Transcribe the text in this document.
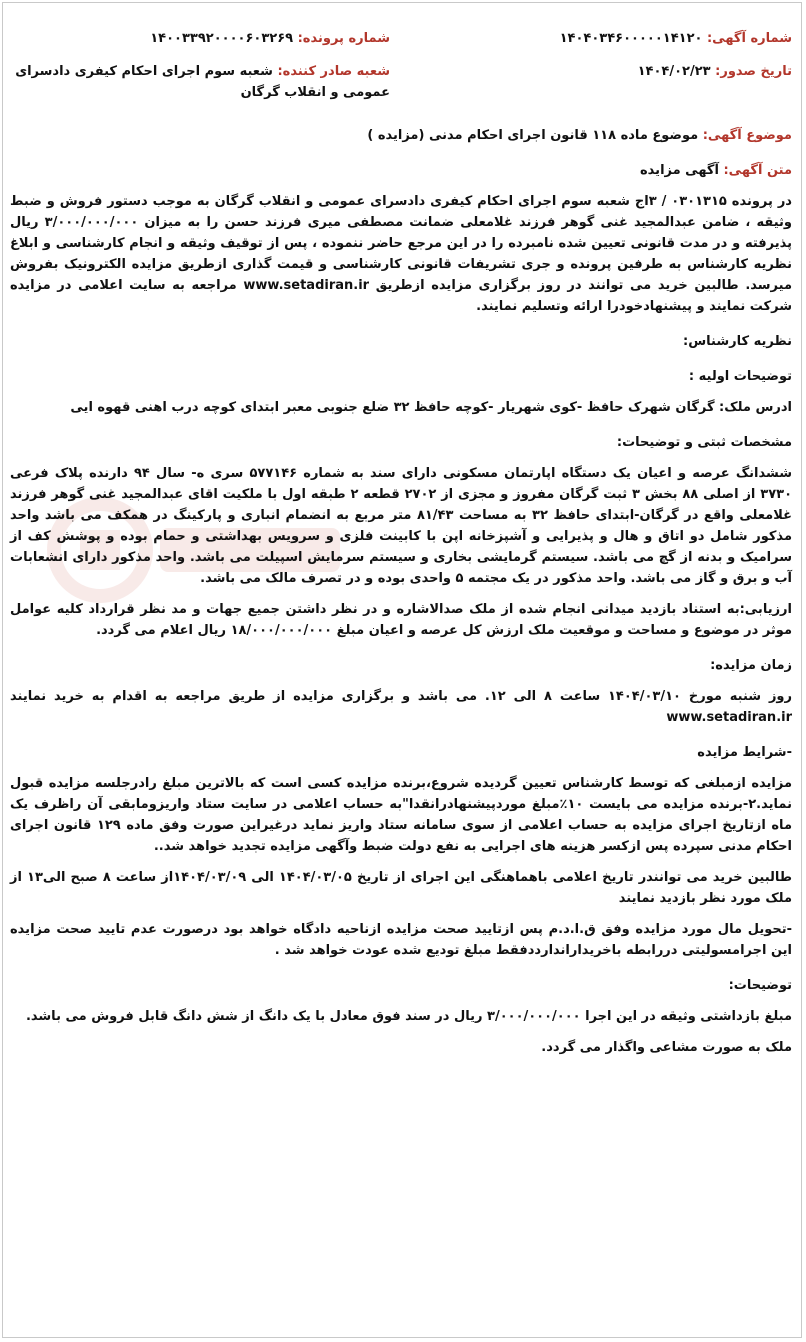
شماره آگهی: ۱۴۰۴۰۳۴۶۰۰۰۰۰۱۴۱۲۰
شماره پرونده: ۱۴۰۰۳۳۹۲۰۰۰۰۶۰۳۲۶۹
تاریخ صدور: ۱۴۰۴/۰۲/۲۳
شعبه صادر کننده: شعبه سوم اجرای احکام کیفری دادسرای عمومی و انقلاب گرگان
موضوع آگهی: موضوع ماده ۱۱۸ قانون اجرای احکام مدنی (مزایده )
متن آگهی: آگهی مزایده

در پرونده ۰۳۰۱۳۱۵ / ۳اج شعبه سوم اجرای احکام کیفری دادسرای عمومی و انقلاب گرگان به موجب دستور فروش و ضبط وثیقه ، ضامن عبدالمجید غنی گوهر فرزند غلامعلی ضمانت مصطفی میری فرزند حسن را به میزان ۳/۰۰۰/۰۰۰/۰۰۰ ریال پذیرفته و در مدت قانونی تعیین شده نامبرده را در این مرجع حاضر ننموده ، پس از توقیف وثیقه و انجام کارشناسی و ابلاغ نظریه کارشناس به طرفین پرونده و جری تشریفات قانونی کارشناسی و قیمت گذاری ازطریق مزایده الکترونیک بفروش میرسد. طالبین خرید می توانند در روز برگزاری مزایده ازطریق www.setadiran.ir مراجعه به سایت اعلامی در مزایده شرکت نمایند و پیشنهادخودرا ارائه وتسلیم نمایند.

نظریه کارشناس:
توضیحات اولیه :

ادرس ملک: گرگان شهرک حافظ -کوی شهریار -کوچه حافظ ۳۲ ضلع جنوبی معبر ابتدای کوچه درب اهنی قهوه ایی

مشخصات ثبتی و توضیحات:

ششدانگ عرصه و اعیان یک دستگاه اپارتمان مسکونی دارای سند به شماره ۵۷۷۱۴۶ سری ه- سال ۹۴ دارنده پلاک فرعی ۳۷۳۰ از اصلی ۸۸ بخش ۳ ثبت گرگان مفروز و مجزی از ۲۷۰۲ قطعه ۲ طبقه اول با ملکیت اقای عبدالمجید غنی گوهر فرزند غلامعلی واقع در گرگان-ابتدای حافظ ۳۲ به مساحت ۸۱/۴۳ متر مربع به انضمام انباری و پارکینگ در همکف می باشد واحد مذکور شامل دو اتاق و هال و پذیرایی و آشپزخانه اپن با کابینت فلزی و سرویس بهداشتی و حمام بوده و پوشش کف از سرامیک و بدنه از گچ می باشد. سیستم گرمایشی بخاری و سیستم سرمایش اسپیلت می باشد. واحد مذکور دارای انشعابات آب و برق و گاز می باشد. واحد مذکور در یک مجتمه ۵ واحدی بوده و در تصرف مالک می باشد.

ارزیابی:به استناد بازدید میدانی انجام شده از ملک صدالاشاره و در نظر داشتن جمیع جهات و مد نظر قرارداد کلیه عوامل موثر در موضوع و مساحت و موقعیت ملک ارزش کل عرصه و اعیان مبلغ ۱۸/۰۰۰/۰۰۰/۰۰۰ ریال اعلام می گردد.

زمان مزایده:

روز شنبه مورخ ۱۴۰۴/۰۳/۱۰ ساعت ۸ الی ۱۲. می باشد و برگزاری مزایده از طریق مراجعه به اقدام به خرید نمایند www.setadiran.ir

-شرایط مزایده

مزایده ازمبلغی که توسط کارشناس تعیین گردیده شروع،برنده مزایده کسی است که بالاترین مبلغ رادرجلسه مزایده قبول نماید.۲-برنده مزایده می بایست ۱۰٪مبلغ موردپیشنهادرانقدا"به حساب اعلامی در سایت ستاد واریزومابقی آن راظرف یک ماه ازتاریخ اجرای مزایده به حساب اعلامی از سوی سامانه ستاد واریز نماید درغیراین صورت وفق ماده ۱۲۹ قانون اجرای احکام مدنی سپرده پس ازکسر هزینه های اجرایی به نفع دولت ضبط وآگهی مزایده تجدید خواهد شد..

طالبین خرید می توانندر تاریخ اعلامی باهماهنگی این اجرای از تاریخ ۱۴۰۴/۰۳/۰۵ الی ۱۴۰۴/۰۳/۰۹از ساعت ۸ صبح الی۱۳ از ملک مورد نظر بازدید نمایند

-تحویل مال مورد مزایده وفق ق.ا.د.م پس ازتایید صحت مزایده ازناحیه دادگاه خواهد بود درصورت عدم تایید صحت مزایده این اجرامسولیتی دررابطه باخریداراندارددفقط مبلغ تودیع شده عودت خواهد شد .

توضیحات:

مبلغ بازداشتی وثیقه در این اجرا ۳/۰۰۰/۰۰۰/۰۰۰ ریال در سند فوق معادل با یک دانگ از شش دانگ قابل فروش می باشد.

ملک به صورت مشاعی واگذار می گردد.
